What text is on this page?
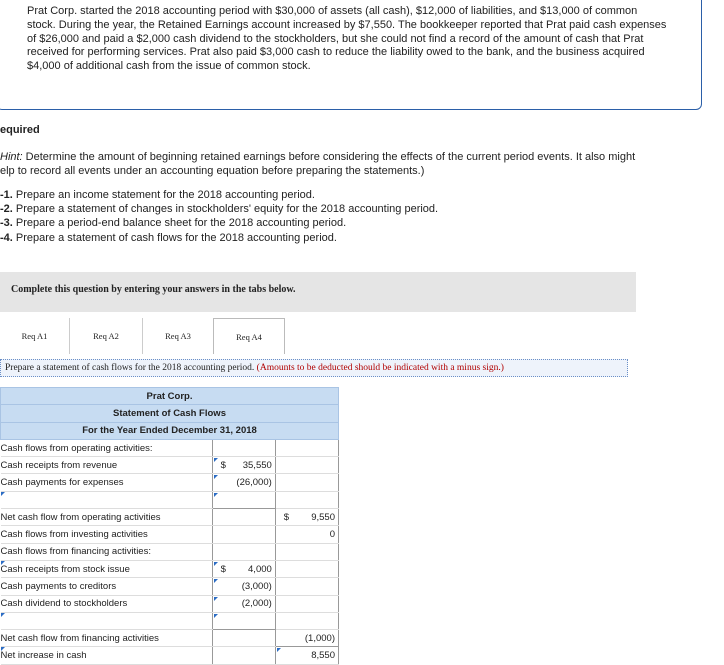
Prat Corp. started the 2018 accounting period with $30,000 of assets (all cash), $12,000 of liabilities, and $13,000 of common stock. During the year, the Retained Earnings account increased by $7,550. The bookkeeper reported that Prat paid cash expenses of $26,000 and paid a $2,000 cash dividend to the stockholders, but she could not find a record of the amount of cash that Prat received for performing services. Prat also paid $3,000 cash to reduce the liability owed to the bank, and the business acquired $4,000 of additional cash from the issue of common stock.
equired
Hint: Determine the amount of beginning retained earnings before considering the effects of the current period events. It also might
elp to record all events under an accounting equation before preparing the statements.)
-1. Prepare an income statement for the 2018 accounting period.
-2. Prepare a statement of changes in stockholders' equity for the 2018 accounting period.
-3. Prepare a period-end balance sheet for the 2018 accounting period.
-4. Prepare a statement of cash flows for the 2018 accounting period.
Complete this question by entering your answers in the tabs below.
Req A1	Req A2	Req A3	Req A4
Prepare a statement of cash flows for the 2018 accounting period. (Amounts to be deducted should be indicated with a minus sign.)
Prat Corp.		
Statement of Cash Flows		
For the Year Ended December 31, 2018		
Cash flows from operating activities:		
Cash receipts from revenue	$ 35,550	

Cash payments for expenses	(26,000)	

Net cash flow from operating activities		$ 9,550

Cash flows from investing activities		0

Cash flows from financing activities:		

Cash receipts from stock issue	$ 4,000	

Cash payments to creditors	(3,000)	

Cash dividend to stockholders	(2,000)	

Net cash flow from financing activities		(1,000)

Net increase in cash		8,550
